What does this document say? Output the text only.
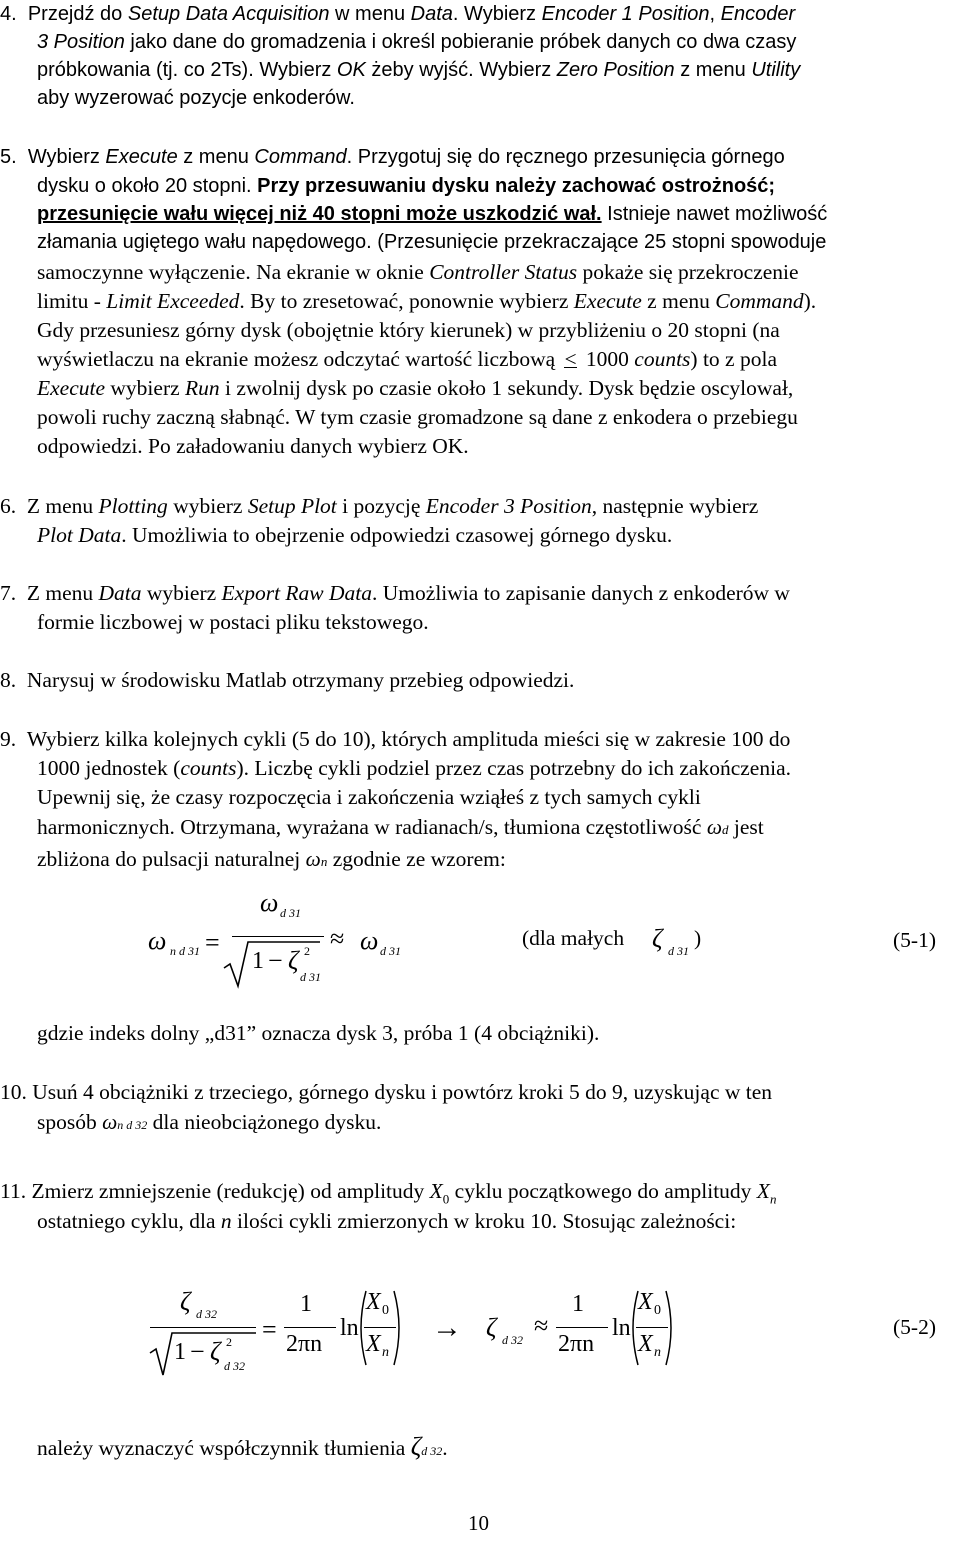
4. Przejdź do Setup Data Acquisition w menu Data. Wybierz Encoder 1 Position, Encoder
3 Position jako dane do gromadzenia i określ pobieranie próbek danych co dwa czasy
próbkowania (tj. co 2Ts). Wybierz OK żeby wyjść. Wybierz Zero Position z menu Utility
aby wyzerować pozycje enkoderów.
5. Wybierz Execute z menu Command. Przygotuj się do ręcznego przesunięcia górnego
dysku o około 20 stopni. Przy przesuwaniu dysku należy zachować ostrożność;
przesunięcie wału więcej niż 40 stopni może uszkodzić wał. Istnieje nawet możliwość
złamania ugiętego wału napędowego. (Przesunięcie przekraczające 25 stopni spowoduje
samoczynne wyłączenie. Na ekranie w oknie Controller Status pokaże się przekroczenie
limitu - Limit Exceeded. By to zresetować, ponownie wybierz Execute z menu Command).
Gdy przesuniesz górny dysk (obojętnie który kierunek) w przybliżeniu o 20 stopni (na
wyświetlaczu na ekranie możesz odczytać wartość liczbową < 1000 counts) to z pola
Execute wybierz Run i zwolnij dysk po czasie około 1 sekundy. Dysk będzie oscylował,
powoli ruchy zaczną słabnąć. W tym czasie gromadzone są dane z enkodera o przebiegu
odpowiedzi. Po załadowaniu danych wybierz OK.
6. Z menu Plotting wybierz Setup Plot i pozycję Encoder 3 Position, następnie wybierz
Plot Data. Umożliwia to obejrzenie odpowiedzi czasowej górnego dysku.
7. Z menu Data wybierz Export Raw Data. Umożliwia to zapisanie danych z enkoderów w
formie liczbowej w postaci pliku tekstowego.
8. Narysuj w środowisku Matlab otrzymany przebieg odpowiedzi.
9. Wybierz kilka kolejnych cykli (5 do 10), których amplituda mieści się w zakresie 100 do
1000 jednostek (counts). Liczbę cykli podziel przez czas potrzebny do ich zakończenia.
Upewnij się, że czasy rozpoczęcia i zakończenia wziąłeś z tych samych cykli
harmonicznych. Otrzymana, wyrażana w radianach/s, tłumiona częstotliwość ωd jest
zbliżona do pulsacji naturalnej ωn zgodnie ze wzorem:
ω n d 31 =
ω d 31
1 − ζ 2
d 31
≈ ω d 31
(dla małych ζ d 31
)	(5-1)
gdzie indeks dolny „d31” oznacza dysk 3, próba 1 (4 obciążniki).
10. Usuń 4 obciążniki z trzeciego, górnego dysku i powtórz kroki 5 do 9, uzyskując w ten
sposób ωn d 32 dla nieobciążonego dysku.
11. Zmierz zmniejszenie (redukcję) od amplitudy $X_0$ cyklu początkowego do amplitudy $X_n$
ostatniego cyklu, dla n ilości cykli zmierzonych w kroku 10. Stosując zależności:
ζ d 32
1 − ζ 2
d 32
=
1
2πn
ln
X 0
X n
→ ζ d 32 ≈
1
2πn
ln
X 0
X n
(5-2)
należy wyznaczyć współczynnik tłumienia ζd 32.
10
